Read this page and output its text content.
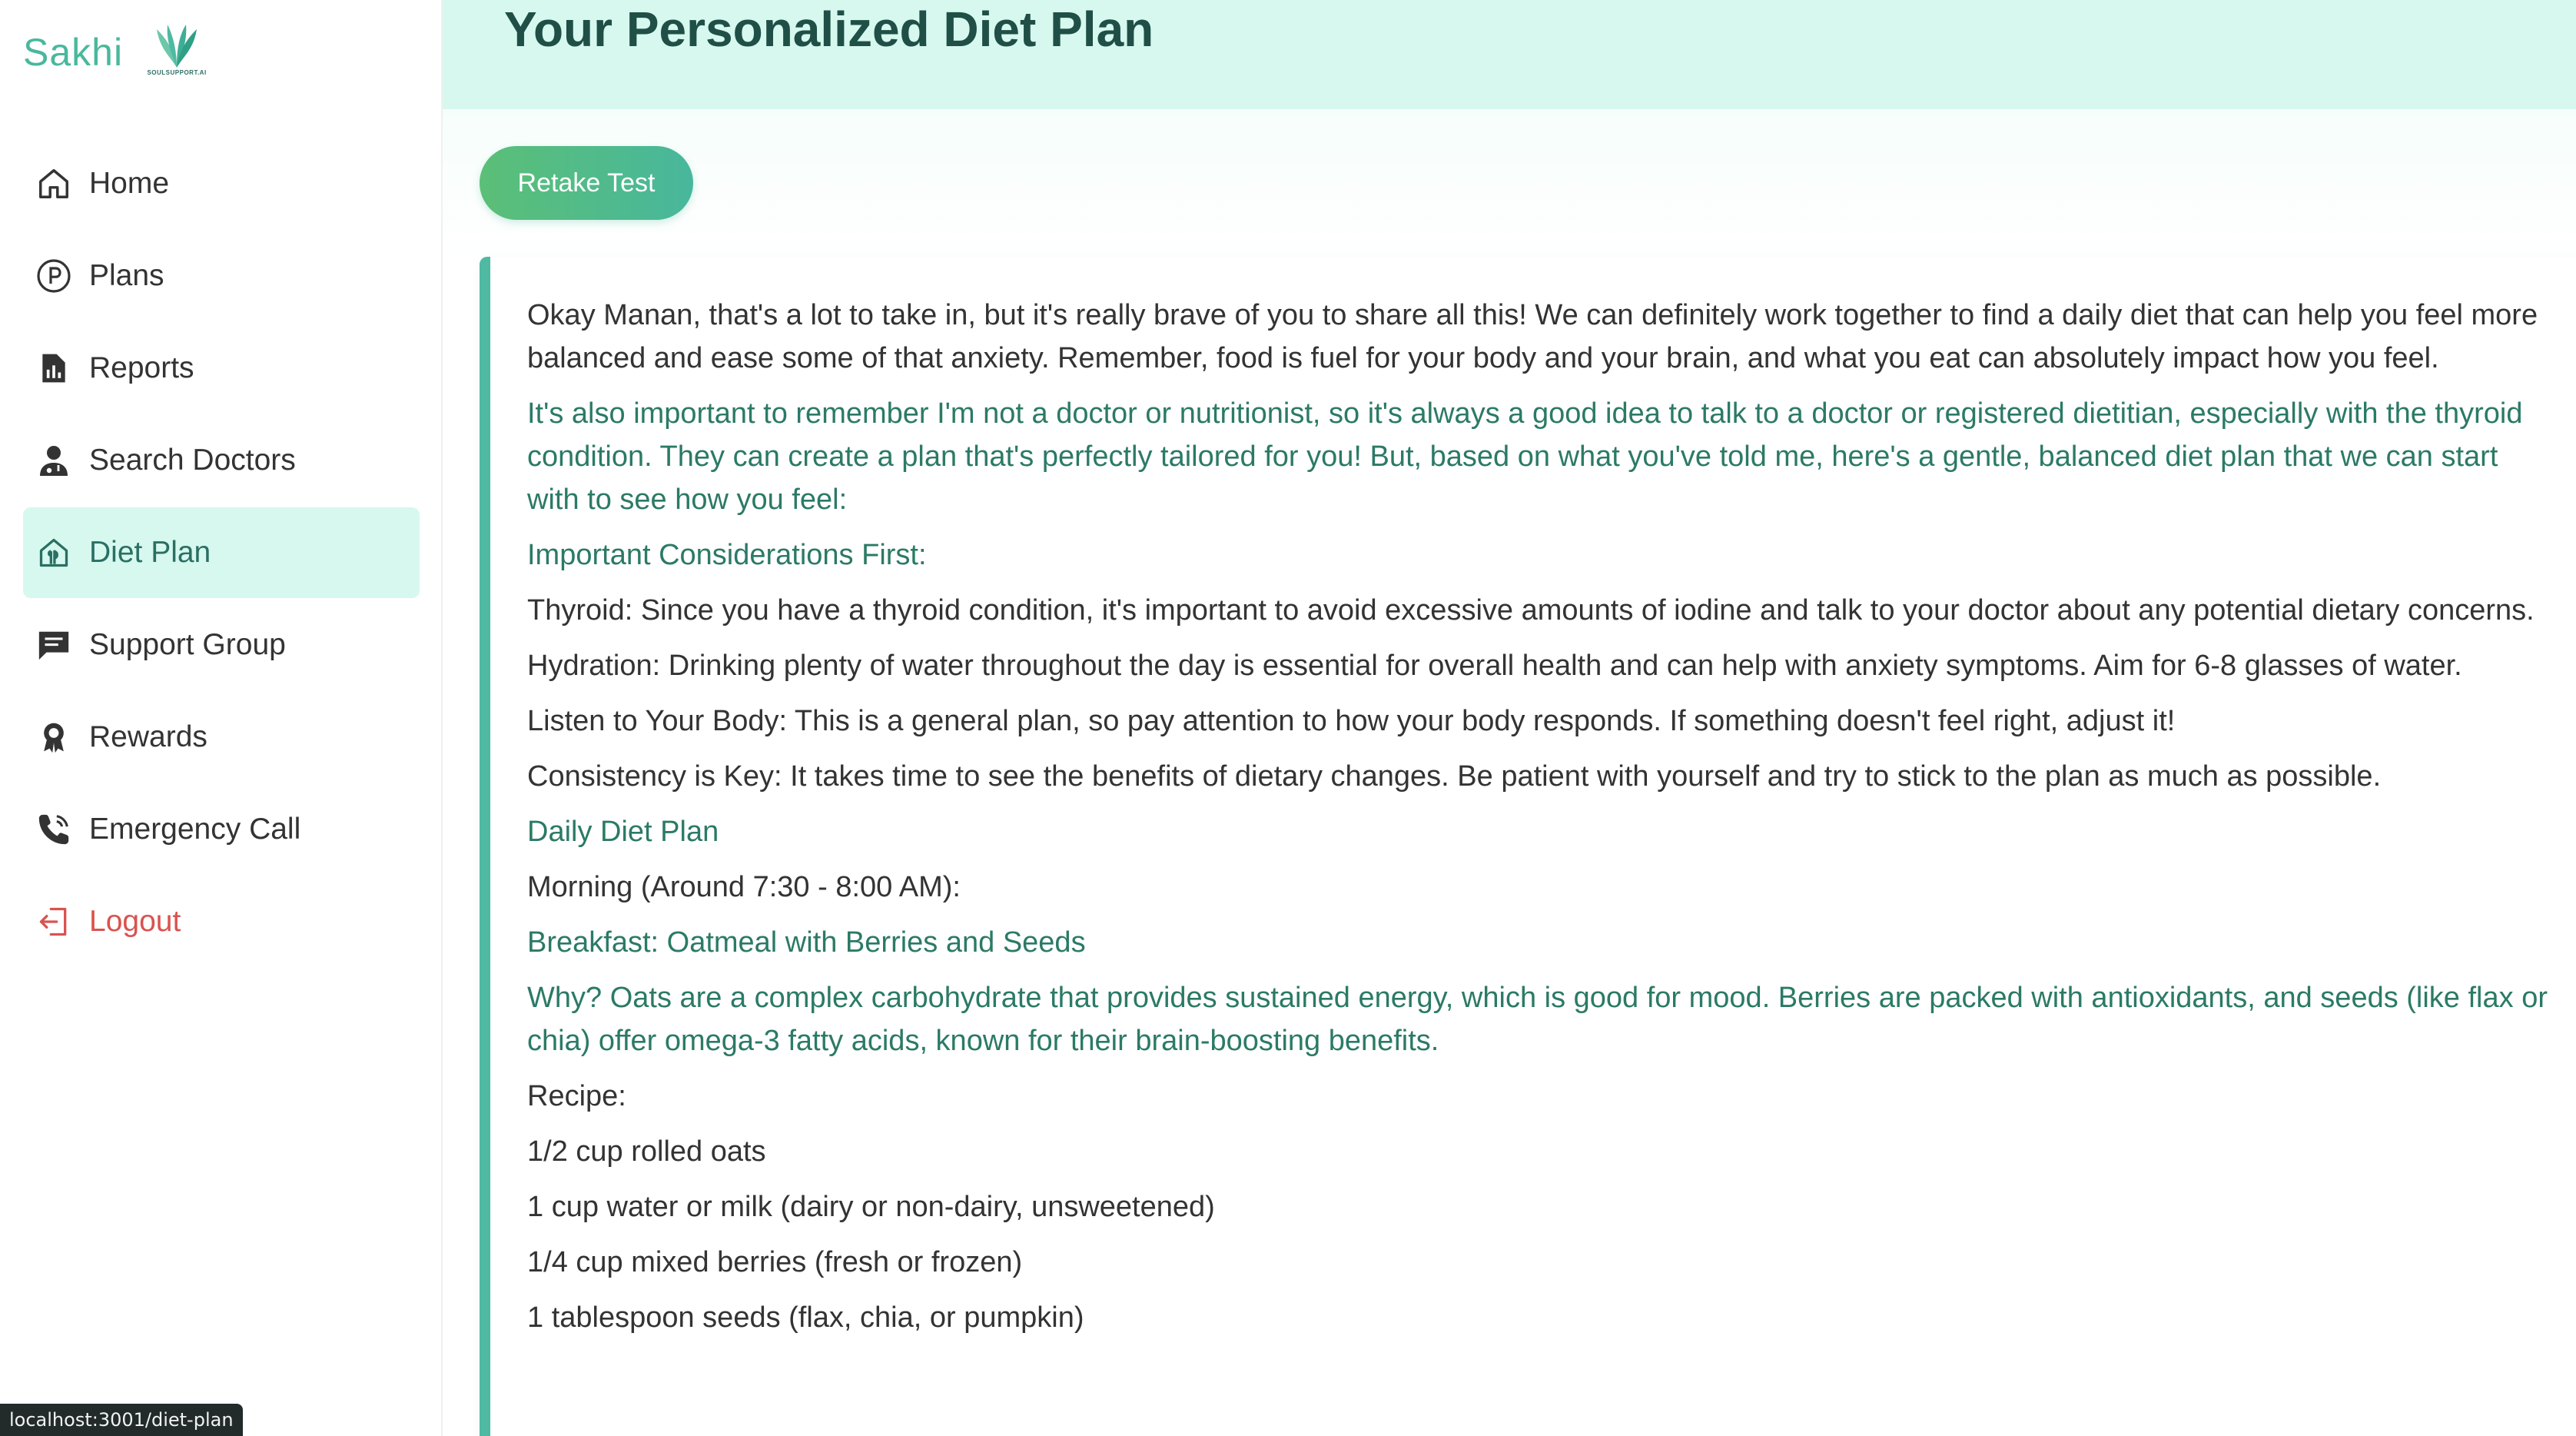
Sakhi	SOULSUPPORT.AI
Home
Plans
Reports
Search Doctors
Diet Plan
Support Group
Rewards
Emergency Call
Logout
localhost:3001/diet-plan
Your Personalized Diet Plan
Retake Test

Okay Manan, that's a lot to take in, but it's really brave of you to share all this! We can definitely work together to find a daily diet that can help you feel more balanced and ease some of that anxiety. Remember, food is fuel for your body and your brain, and what you eat can absolutely impact how you feel.

It's also important to remember I'm not a doctor or nutritionist, so it's always a good idea to talk to a doctor or registered dietitian, especially with the thyroid condition. They can create a plan that's perfectly tailored for you! But, based on what you've told me, here's a gentle, balanced diet plan that we can start with to see how you feel:

Important Considerations First:

Thyroid: Since you have a thyroid condition, it's important to avoid excessive amounts of iodine and talk to your doctor about any potential dietary concerns.

Hydration: Drinking plenty of water throughout the day is essential for overall health and can help with anxiety symptoms. Aim for 6-8 glasses of water.

Listen to Your Body: This is a general plan, so pay attention to how your body responds. If something doesn't feel right, adjust it!

Consistency is Key: It takes time to see the benefits of dietary changes. Be patient with yourself and try to stick to the plan as much as possible.

Daily Diet Plan

Morning (Around 7:30 - 8:00 AM):

Breakfast: Oatmeal with Berries and Seeds

Why? Oats are a complex carbohydrate that provides sustained energy, which is good for mood. Berries are packed with antioxidants, and seeds (like flax or chia) offer omega-3 fatty acids, known for their brain-boosting benefits.

Recipe:

1/2 cup rolled oats

1 cup water or milk (dairy or non-dairy, unsweetened)

1/4 cup mixed berries (fresh or frozen)

1 tablespoon seeds (flax, chia, or pumpkin)
